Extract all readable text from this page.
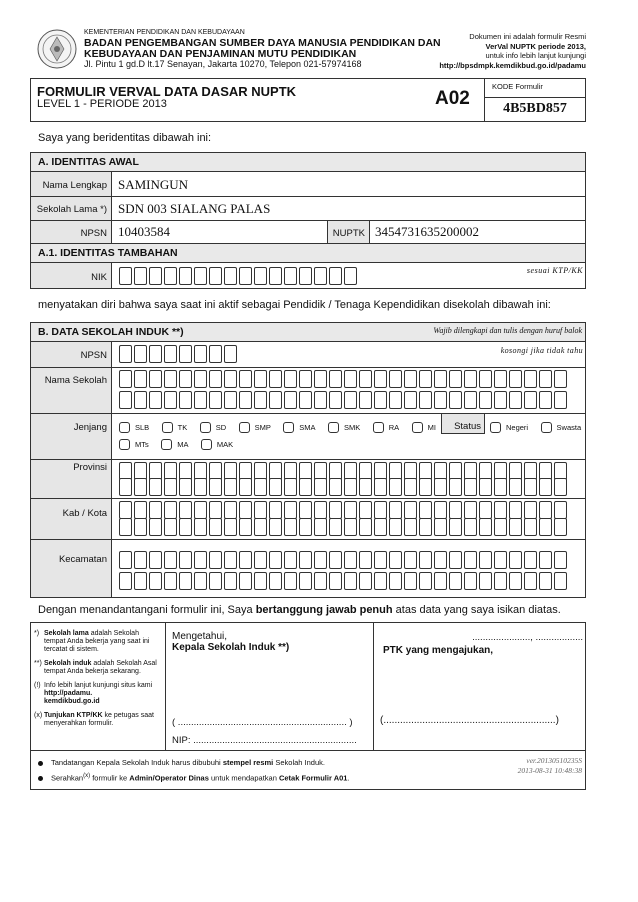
KEMENTERIAN PENDIDIKAN DAN KEBUDAYAAN
BADAN PENGEMBANGAN SUMBER DAYA MANUSIA PENDIDIKAN DAN
KEBUDAYAAN DAN PENJAMINAN MUTU PENDIDIKAN
Jl. Pintu 1 gd.D lt.17 Senayan, Jakarta 10270, Telepon 021-57974168
Dokumen ini adalah formulir Resmi
VerVal NUPTK periode 2013,
untuk info lebih lanjut kunjungi
http://bpsdmpk.kemdikbud.go.id/padamu
FORMULIR VERVAL DATA DASAR NUPTK
LEVEL 1 - PERIODE 2013	A02
KODE Formulir
4B5BD857
Saya yang beridentitas dibawah ini:
A. IDENTITAS AWAL
Nama Lengkap SAMINGUN
Sekolah Lama *) SDN 003 SIALANG PALAS
NPSN 10403584	NUPTK 3454731635200002
A.1. IDENTITAS TAMBAHAN
NIK
sesuai KTP/KK
menyatakan diri bahwa saya saat ini aktif sebagai Pendidik / Tenaga Kependidikan disekolah dibawah ini:
B. DATA SEKOLAH INDUK **)	Wajib dilengkapi dan tulis dengan huruf balok
NPSN	kosongi jika tidak tahu
Nama Sekolah
Jenjang	SLB	TK	SD	SMP	SMA	SMK	RA	MI
MTs	MA	MAK
Status	Negeri	Swasta
Provinsi
Kab / Kota
Kecamatan
Dengan menandantangani formulir ini, Saya bertanggung jawab penuh atas data yang saya isikan diatas.
*) Sekolah lama adalah Sekolah tempat Anda bekerja yang saat ini tercatat di sistem.
**) Sekolah induk adalah Sekolah Asal tempat Anda bekerja sekarang.
(!) Info lebih lanjut kunjungi situs kami
http://padamu.
kemdikbud.go.id
(x) Tunjukan KTP/KK ke petugas saat menyerahkan formulir.
Mengetahui,
Kepala Sekolah Induk **)
( ................................................................ )
NIP: ..............................................................
......................, ..................
PTK yang mengajukan,
(..............................................................)
Tandatangan Kepala Sekolah Induk harus dibubuhi stempel resmi Sekolah Induk.
Serahkan$^{(x)}$ formulir ke Admin/Operator Dinas untuk mendapatkan Cetak Formulir A01.
ver.20130510235S
2013-08-31 10:48:38
